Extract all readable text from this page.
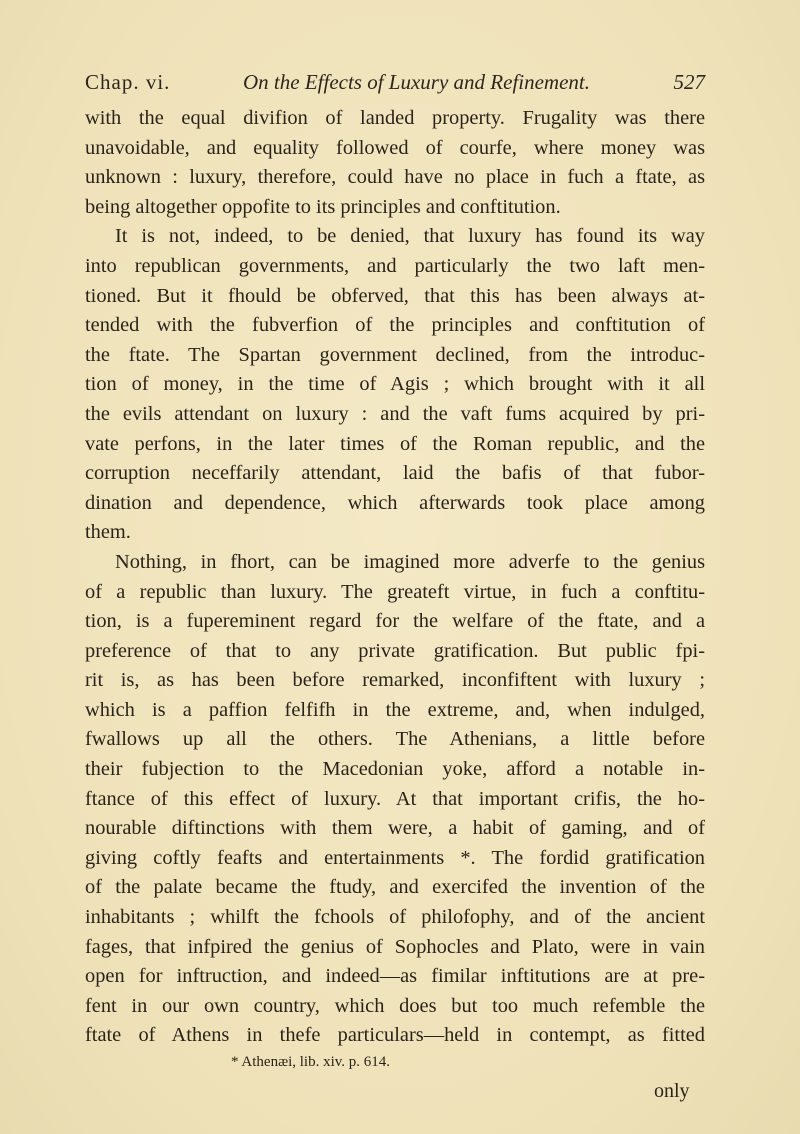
Chap. vi.	On the Effects of Luxury and Refinement.	527
with the equal divifion of landed property. Frugality was there
unavoidable, and equality followed of courfe, where money was
unknown : luxury, therefore, could have no place in fuch a ftate, as
being altogether oppofite to its principles and conftitution.
It is not, indeed, to be denied, that luxury has found its way
into republican governments, and particularly the two laft men-
tioned. But it fhould be obferved, that this has been always at-
tended with the fubverfion of the principles and conftitution of
the ftate. The Spartan government declined, from the introduc-
tion of money, in the time of Agis ; which brought with it all
the evils attendant on luxury : and the vaft fums acquired by pri-
vate perfons, in the later times of the Roman republic, and the
corruption neceffarily attendant, laid the bafis of that fubor-
dination and dependence, which afterwards took place among
them.
Nothing, in fhort, can be imagined more adverfe to the genius
of a republic than luxury. The greateft virtue, in fuch a conftitu-
tion, is a fupereminent regard for the welfare of the ftate, and a
preference of that to any private gratification. But public fpi-
rit is, as has been before remarked, inconfiftent with luxury ;
which is a paffion felfifh in the extreme, and, when indulged,
fwallows up all the others. The Athenians, a little before
their fubjection to the Macedonian yoke, afford a notable in-
ftance of this effect of luxury. At that important crifis, the ho-
nourable diftinctions with them were, a habit of gaming, and of
giving coftly feafts and entertainments *. The fordid gratification
of the palate became the ftudy, and exercifed the invention of the
inhabitants ; whilft the fchools of philofophy, and of the ancient
fages, that infpired the genius of Sophocles and Plato, were in vain
open for inftruction, and indeed—as fimilar inftitutions are at pre-
fent in our own country, which does but too much refemble the
ftate of Athens in thefe particulars—held in contempt, as fitted
* Athenæi, lib. xiv. p. 614.
only
